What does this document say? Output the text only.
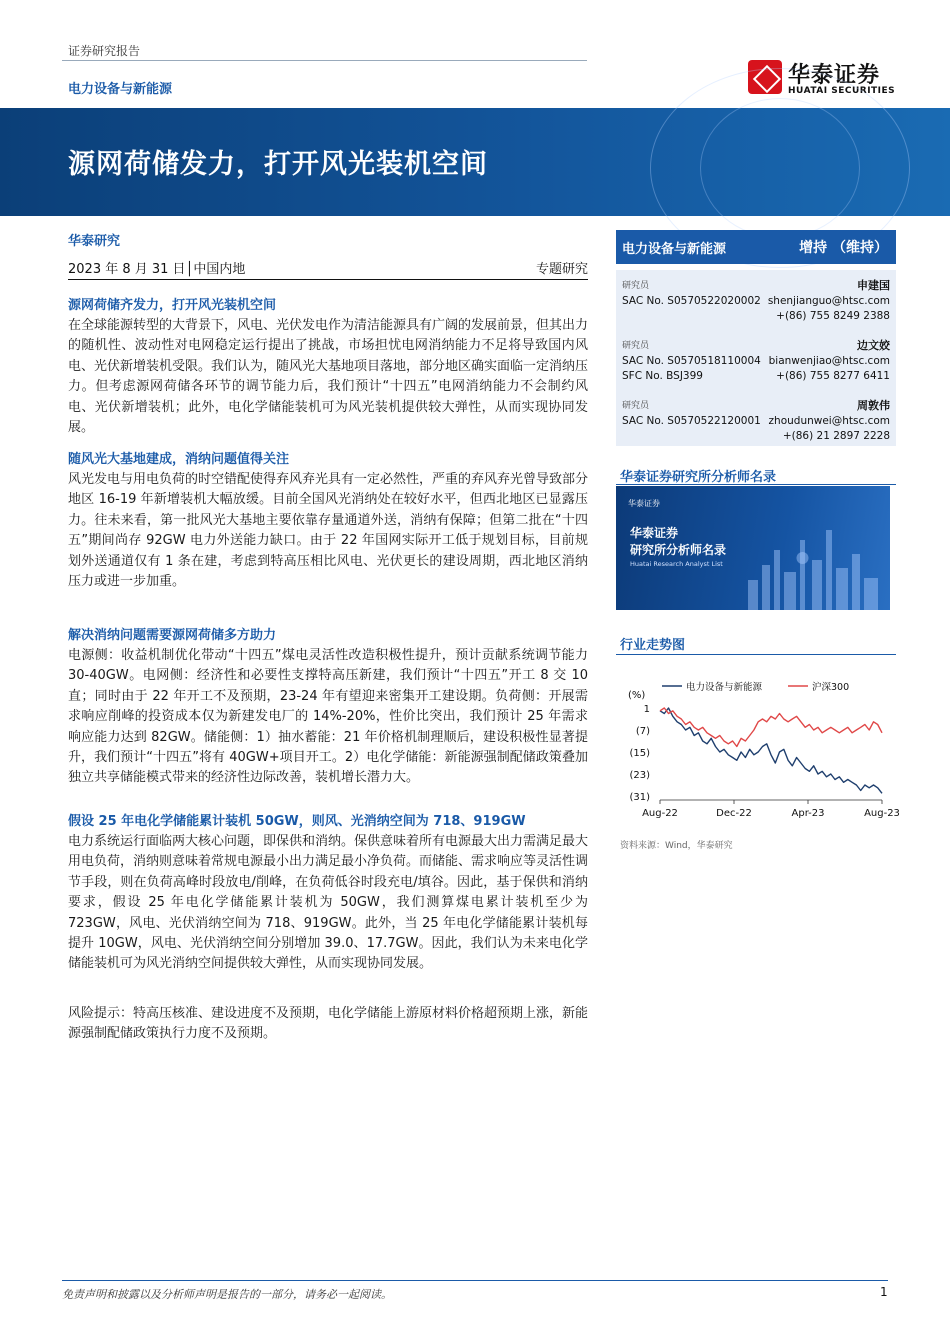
证券研究报告
电力设备与新能源
华泰证券
HUATAI SECURITIES
源网荷储发力，打开风光装机空间
华泰研究
2023 年 8 月 31 日│中国内地	专题研究
源网荷储齐发力，打开风光装机空间
在全球能源转型的大背景下，风电、光伏发电作为清洁能源具有广阔的发展前景，但其出力的随机性、波动性对电网稳定运行提出了挑战，市场担忧电网消纳能力不足将导致国内风电、光伏新增装机受限。我们认为，随风光大基地项目落地，部分地区确实面临一定消纳压力。但考虑源网荷储各环节的调节能力后，我们预计“十四五”电网消纳能力不会制约风电、光伏新增装机；此外，电化学储能装机可为风光装机提供较大弹性，从而实现协同发展。
随风光大基地建成，消纳问题值得关注
风光发电与用电负荷的时空错配使得弃风弃光具有一定必然性，严重的弃风弃光曾导致部分地区 16-19 年新增装机大幅放缓。目前全国风光消纳处在较好水平，但西北地区已显露压力。往未来看，第一批风光大基地主要依靠存量通道外送，消纳有保障；但第二批在“十四五”期间尚存 92GW 电力外送能力缺口。由于 22 年国网实际开工低于规划目标，目前规划外送通道仅有 1 条在建，考虑到特高压相比风电、光伏更长的建设周期，西北地区消纳压力或进一步加重。
解决消纳问题需要源网荷储多方助力
电源侧：收益机制优化带动“十四五”煤电灵活性改造积极性提升，预计贡献系统调节能力 30-40GW。电网侧：经济性和必要性支撑特高压新建，我们预计“十四五”开工 8 交 10 直；同时由于 22 年开工不及预期，23-24 年有望迎来密集开工建设期。负荷侧：开展需求响应削峰的投资成本仅为新建发电厂的 14%-20%，性价比突出，我们预计 25 年需求响应能力达到 82GW。储能侧：1）抽水蓄能：21 年价格机制理顺后，建设积极性显著提升，我们预计“十四五”将有 40GW+项目开工。2）电化学储能：新能源强制配储政策叠加独立共享储能模式带来的经济性边际改善，装机增长潜力大。
假设 25 年电化学储能累计装机 50GW，则风、光消纳空间为 718、919GW
电力系统运行面临两大核心问题，即保供和消纳。保供意味着所有电源最大出力需满足最大用电负荷，消纳则意味着常规电源最小出力满足最小净负荷。而储能、需求响应等灵活性调节手段，则在负荷高峰时段放电/削峰，在负荷低谷时段充电/填谷。因此，基于保供和消纳要求，假设 25 年电化学储能累计装机为 50GW，我们测算煤电累计装机至少为 723GW，风电、光伏消纳空间为 718、919GW。此外，当 25 年电化学储能累计装机每提升 10GW，风电、光伏消纳空间分别增加 39.0、17.7GW。因此，我们认为未来电化学储能装机可为风光消纳空间提供较大弹性，从而实现协同发展。
风险提示：特高压核准、建设进度不及预期，电化学储能上游原材料价格超预期上涨，新能源强制配储政策执行力度不及预期。
电力设备与新能源	增持 （维持）
研究员	申建国
SAC No. S0570522020002 shenjianguo@htsc.com
+(86) 755 8249 2388
研究员	边文姣
SAC No. S0570518110004 bianwenjiao@htsc.com
SFC No. BSJ399	+(86) 755 8277 6411
研究员	周敦伟
SAC No. S0570522120001 zhoudunwei@htsc.com
+(86) 21 2897 2228
华泰证券研究所分析师名录
华泰证券
华泰证券
研究所分析师名录
Huatai Research Analyst List
行业走势图
(%)
电力设备与新能源	沪深300
1
(7)
(15)
(23)
(31)
Aug-22	Dec-22	Apr-23	Aug-23
资料来源：Wind，华泰研究
免责声明和披露以及分析师声明是报告的一部分，请务必一起阅读。	1
